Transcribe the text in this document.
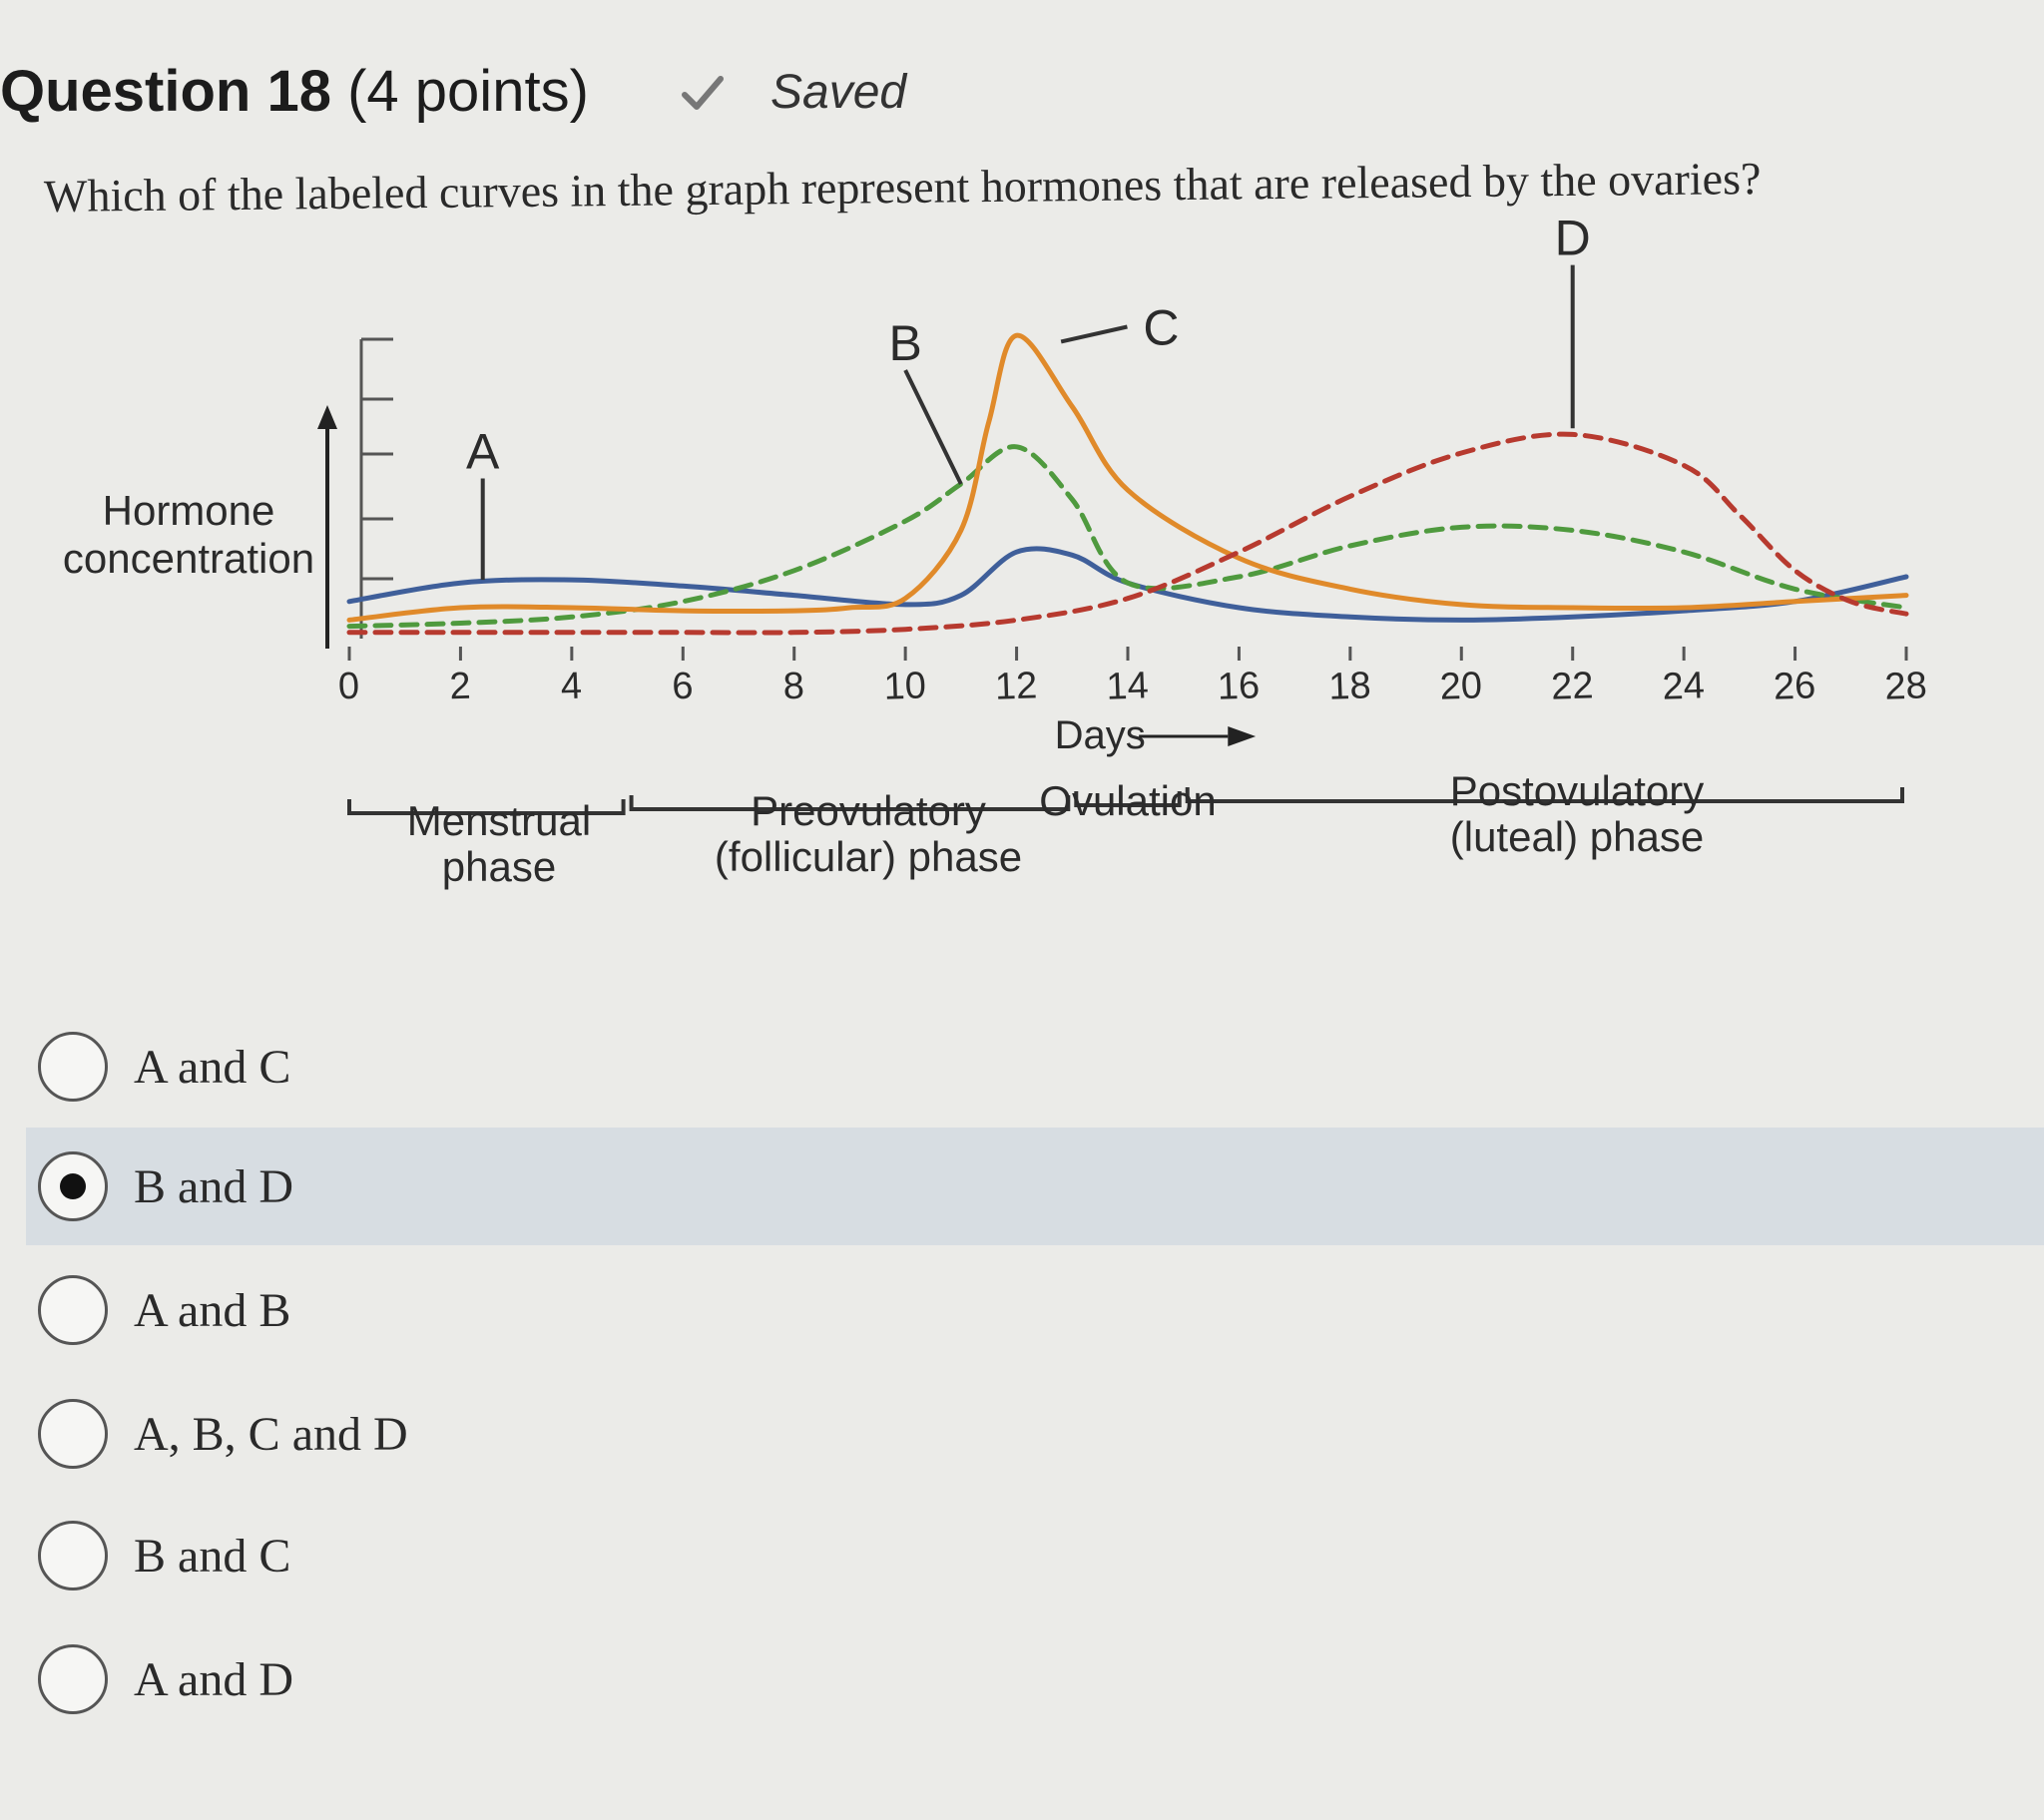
Question 18 (4 points)	Saved
Which of the labeled curves in the graph represent hormones that are released by the ovaries?
Hormone concentration
0 2 4 6 8 10 12 14 16 18 20 22 24 26 28
Days
A
B	C
D
Menstrual phase
Preovulatory (follicular) phase
Ovulation	Postovulatory (luteal) phase
A and C
B and D
A and B
A, B, C and D
B and C
A and D
